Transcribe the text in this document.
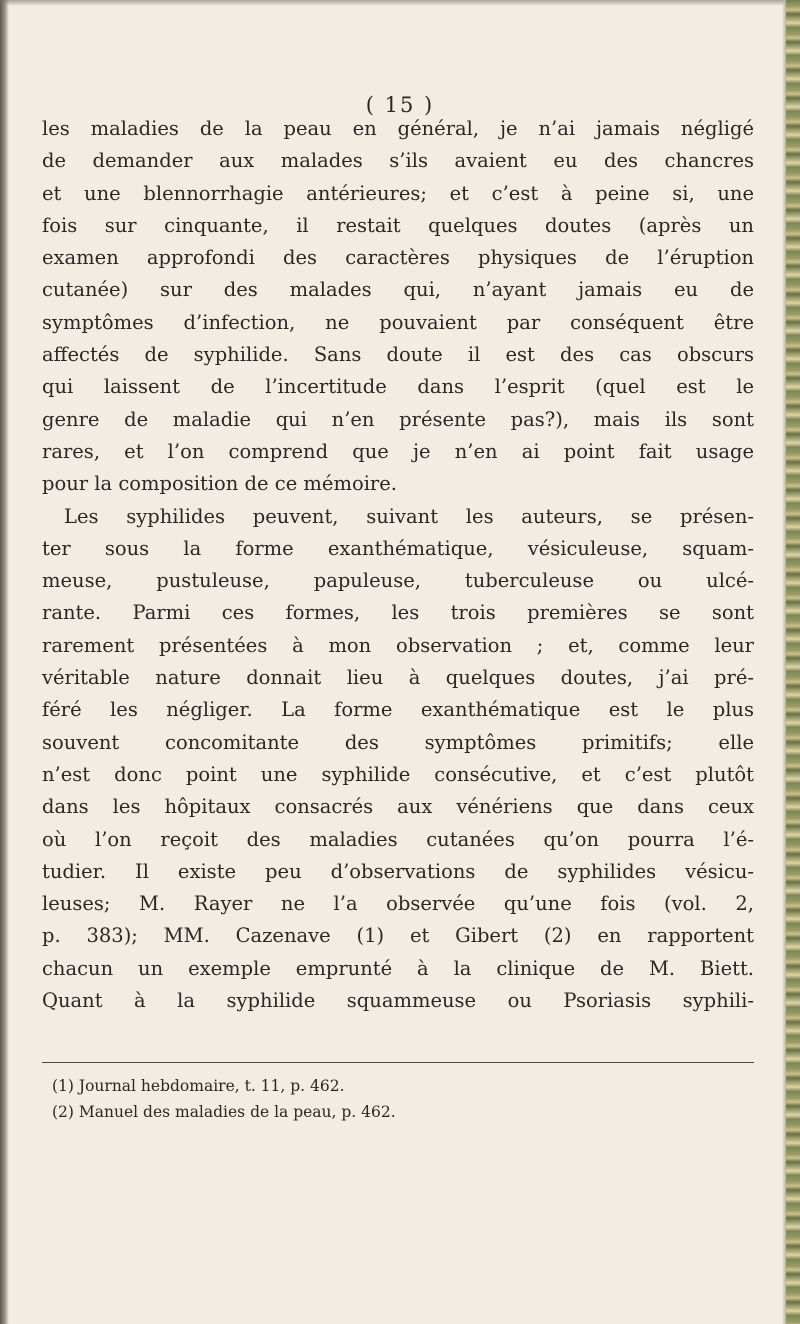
( 15 )
les maladies de la peau en général, je n’ai jamais négligé
de demander aux malades s’ils avaient eu des chancres
et une blennorrhagie antérieures; et c’est à peine si, une
fois sur cinquante, il restait quelques doutes (après un
examen approfondi des caractères physiques de l’éruption
cutanée) sur des malades qui, n’ayant jamais eu de
symptômes d’infection, ne pouvaient par conséquent être
affectés de syphilide. Sans doute il est des cas obscurs
qui laissent de l’incertitude dans l’esprit (quel est le
genre de maladie qui n’en présente pas?), mais ils sont
rares, et l’on comprend que je n’en ai point fait usage
pour la composition de ce mémoire.
Les syphilides peuvent, suivant les auteurs, se présen-
ter sous la forme exanthématique, vésiculeuse, squam-
meuse, pustuleuse, papuleuse, tuberculeuse ou ulcé-
rante. Parmi ces formes, les trois premières se sont
rarement présentées à mon observation ; et, comme leur
véritable nature donnait lieu à quelques doutes, j’ai pré-
féré les négliger. La forme exanthématique est le plus
souvent concomitante des symptômes primitifs; elle
n’est donc point une syphilide consécutive, et c’est plutôt
dans les hôpitaux consacrés aux vénériens que dans ceux
où l’on reçoit des maladies cutanées qu’on pourra l’é-
tudier. Il existe peu d’observations de syphilides vésicu-
leuses; M. Rayer ne l’a observée qu’une fois (vol. 2,
p. 383); MM. Cazenave (1) et Gibert (2) en rapportent
chacun un exemple emprunté à la clinique de M. Biett.
Quant à la syphilide squammeuse ou Psoriasis syphili-
(1) Journal hebdomaire, t. 11, p. 462.
(2) Manuel des maladies de la peau, p. 462.
